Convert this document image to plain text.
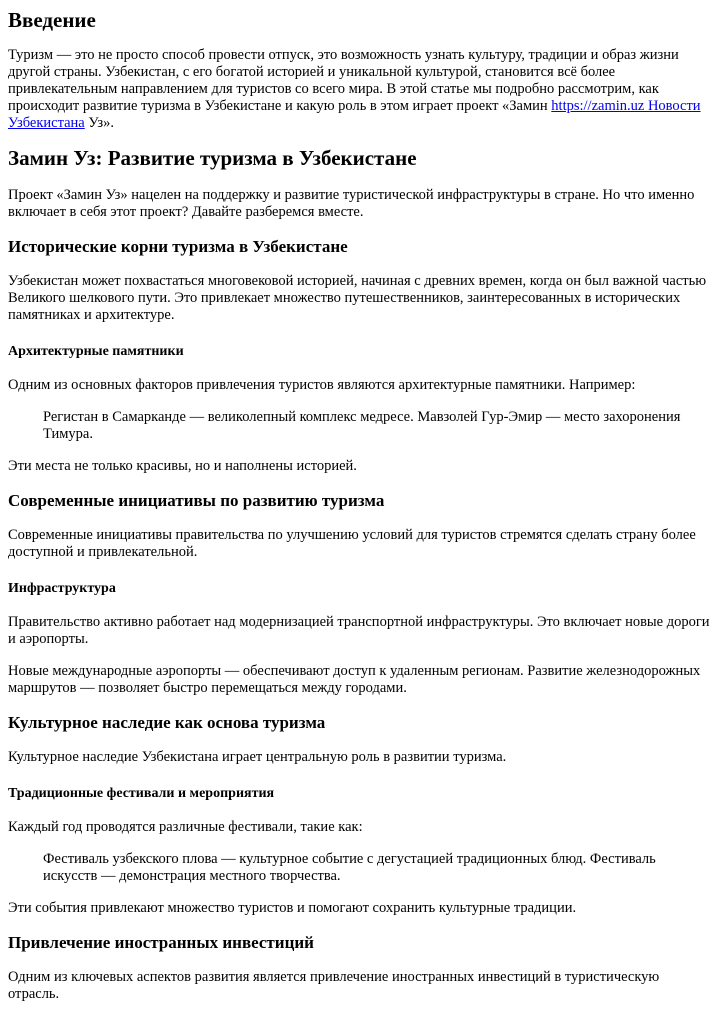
Введение

Туризм — это не просто способ провести отпуск, это возможность узнать культуру, традиции и образ жизни другой страны. Узбекистан, с его богатой историей и уникальной культурой, становится всё более привлекательным направлением для туристов со всего мира. В этой статье мы подробно рассмотрим, как происходит развитие туризма в Узбекистане и какую роль в этом играет проект «Замин https://zamin.uz Новости Узбекистана Уз».

Замин Уз: Развитие туризма в Узбекистане

Проект «Замин Уз» нацелен на поддержку и развитие туристической инфраструктуры в стране. Но что именно включает в себя этот проект? Давайте разберемся вместе.

Исторические корни туризма в Узбекистане

Узбекистан может похвастаться многовековой историей, начиная с древних времен, когда он был важной частью Великого шелкового пути. Это привлекает множество путешественников, заинтересованных в исторических памятниках и архитектуре.

Архитектурные памятники

Одним из основных факторов привлечения туристов являются архитектурные памятники. Например:

Регистан в Самарканде — великолепный комплекс медресе. Мавзолей Гур-Эмир — место захоронения Тимура.

Эти места не только красивы, но и наполнены историей.

Современные инициативы по развитию туризма

Современные инициативы правительства по улучшению условий для туристов стремятся сделать страну более доступной и привлекательной.

Инфраструктура

Правительство активно работает над модернизацией транспортной инфраструктуры. Это включает новые дороги и аэропорты.

Новые международные аэропорты — обеспечивают доступ к удаленным регионам. Развитие железнодорожных маршрутов — позволяет быстро перемещаться между городами.

Культурное наследие как основа туризма

Культурное наследие Узбекистана играет центральную роль в развитии туризма.

Традиционные фестивали и мероприятия

Каждый год проводятся различные фестивали, такие как:

Фестиваль узбекского плова — культурное событие с дегустацией традиционных блюд. Фестиваль искусств — демонстрация местного творчества.

Эти события привлекают множество туристов и помогают сохранить культурные традиции.

Привлечение иностранных инвестиций

Одним из ключевых аспектов развития является привлечение иностранных инвестиций в туристическую отрасль.
